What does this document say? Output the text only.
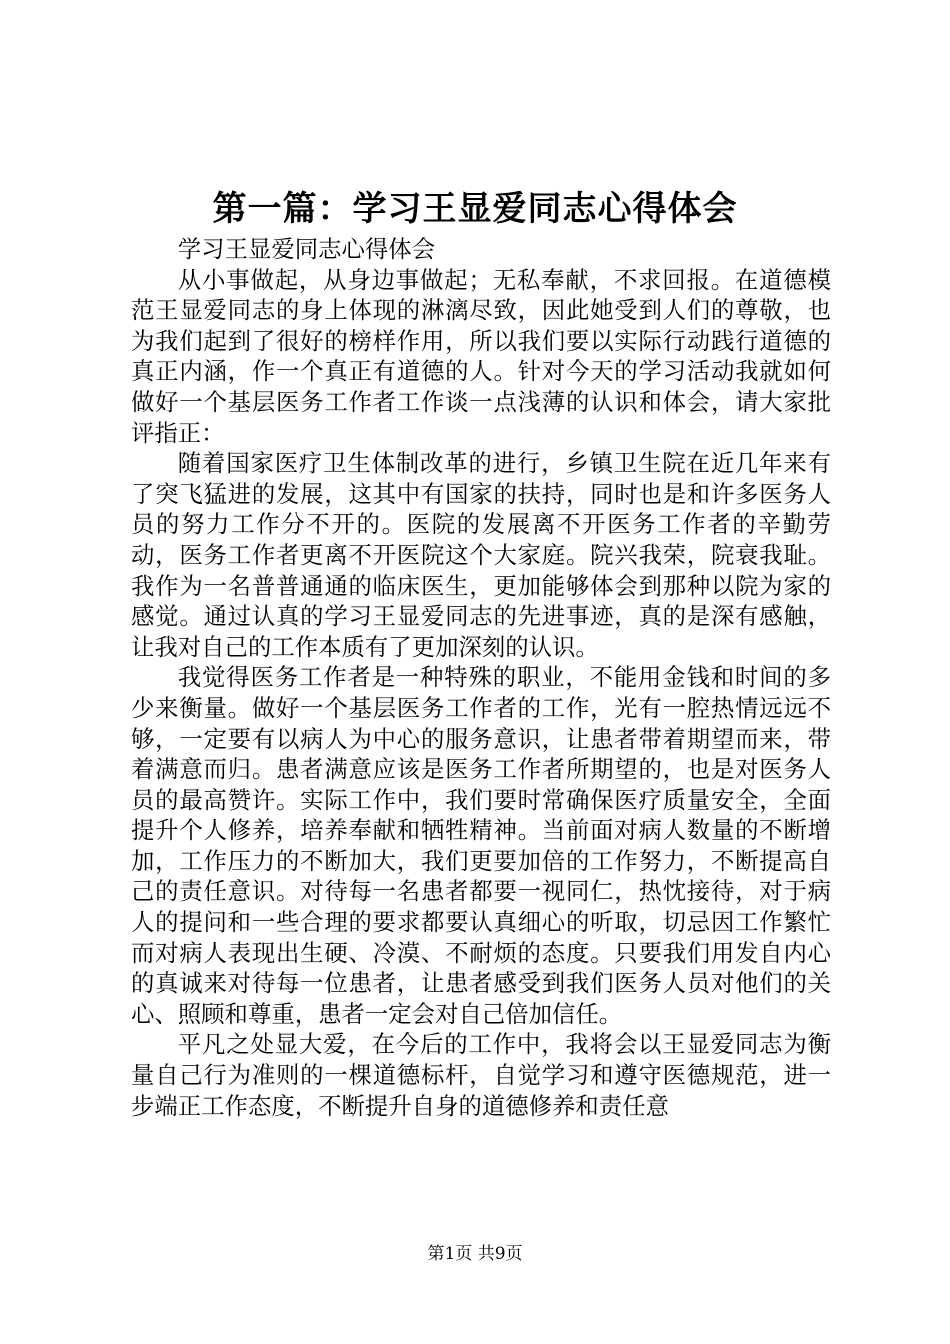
第一篇：学习王显爱同志心得体会

学习王显爱同志心得体会

从小事做起，从身边事做起；无私奉献，不求回报。在道德模范王显爱同志的身上体现的淋漓尽致，因此她受到人们的尊敬，也为我们起到了很好的榜样作用，所以我们要以实际行动践行道德的真正内涵，作一个真正有道德的人。针对今天的学习活动我就如何做好一个基层医务工作者工作谈一点浅薄的认识和体会，请大家批评指正：

随着国家医疗卫生体制改革的进行，乡镇卫生院在近几年来有了突飞猛进的发展，这其中有国家的扶持，同时也是和许多医务人员的努力工作分不开的。医院的发展离不开医务工作者的辛勤劳动，医务工作者更离不开医院这个大家庭。院兴我荣，院衰我耻。我作为一名普普通通的临床医生，更加能够体会到那种以院为家的感觉。通过认真的学习王显爱同志的先进事迹，真的是深有感触，让我对自己的工作本质有了更加深刻的认识。

我觉得医务工作者是一种特殊的职业，不能用金钱和时间的多少来衡量。做好一个基层医务工作者的工作，光有一腔热情远远不够，一定要有以病人为中心的服务意识，让患者带着期望而来，带着满意而归。患者满意应该是医务工作者所期望的，也是对医务人员的最高赞许。实际工作中，我们要时常确保医疗质量安全，全面提升个人修养，培养奉献和牺牲精神。当前面对病人数量的不断增加，工作压力的不断加大，我们更要加倍的工作努力，不断提高自己的责任意识。对待每一名患者都要一视同仁，热忱接待，对于病人的提问和一些合理的要求都要认真细心的听取，切忌因工作繁忙而对病人表现出生硬、冷漠、不耐烦的态度。只要我们用发自内心的真诚来对待每一位患者，让患者感受到我们医务人员对他们的关心、照顾和尊重，患者一定会对自己倍加信任。

平凡之处显大爱，在今后的工作中，我将会以王显爱同志为衡量自己行为准则的一棵道德标杆，自觉学习和遵守医德规范，进一步端正工作态度，不断提升自身的道德修养和责任意

第1页 共9页
